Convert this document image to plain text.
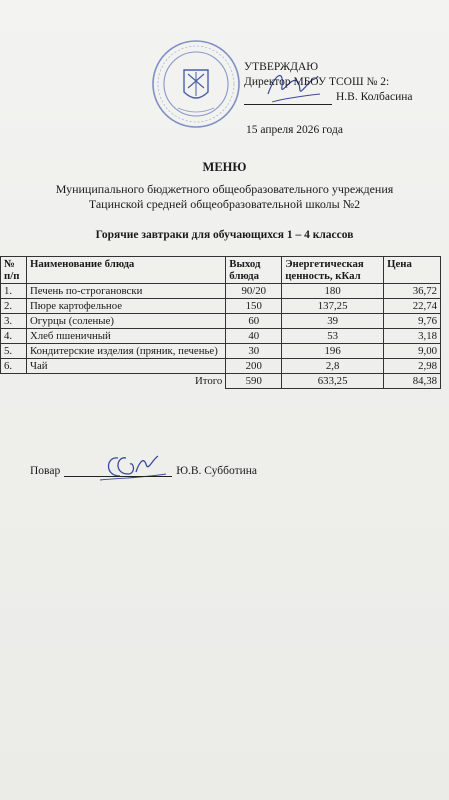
УТВЕРЖДАЮ
Директор МБОУ ТСОШ № 2:
Н.В. Колбасина
15 апреля 2026 года
МЕНЮ
Муниципального бюджетного общеобразовательного учреждения
Тацинской средней общеобразовательной школы №2
Горячие завтраки для обучающихся 1 – 4 классов
№ п/п	Наименование блюда	Выход блюда	Энергетическая ценность, кКал	Цена
1.	Печень по-строгановски	90/20	180	36,72
2.	Пюре картофельное	150	137,25	22,74
3.	Огурцы (соленые)	60	39	9,76
4.	Хлеб пшеничный	40	53	3,18
5.	Кондитерские изделия (пряник, печенье)	30	196	9,00
6.	Чай	200	2,8	2,98
	Итого	590	633,25	84,38
Повар	Ю.В. Субботина
